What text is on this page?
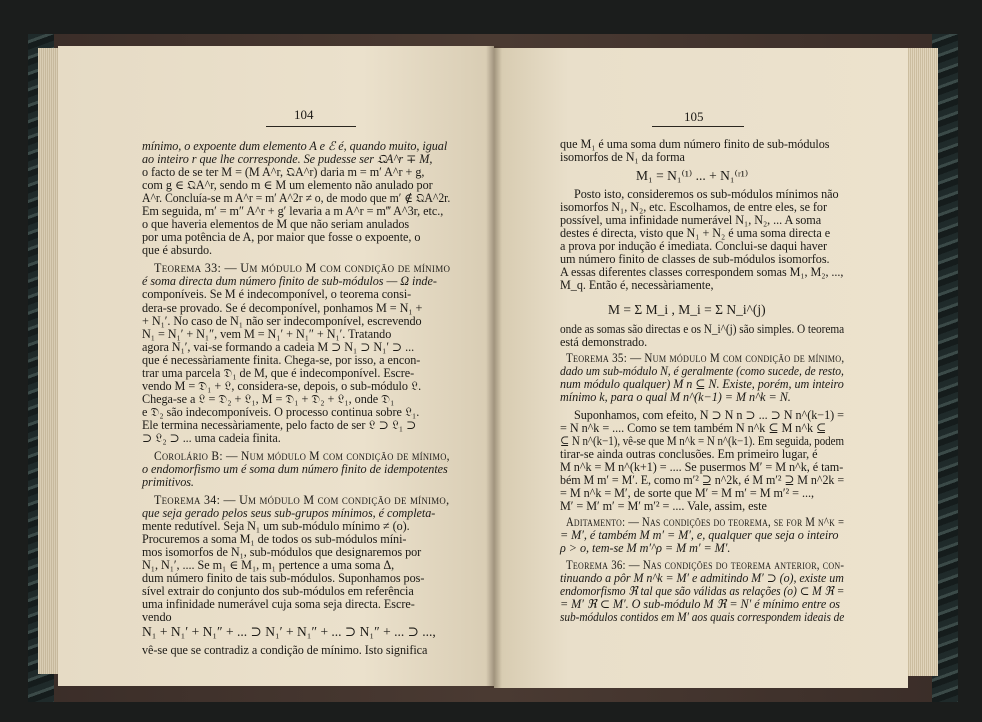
104
mínimo, o expoente dum elemento A e ℰ é, quando muito, igual
ao inteiro r que lhe corresponde. Se pudesse ser 𝔔A^r ∓ M,
o facto de se ter M = (M A^r, 𝔔A^r) daria m = m′ A^r + g,
com g ∈ 𝔔A^r, sendo m ∈ M um elemento não anulado por
A^r. Concluía-se m A^r = m′ A^2r ≠ o, de modo que m′ ∉ 𝔔A^2r.
Em seguida, m′ = m″ A^r + g′ levaria a m A^r = m‴ A^3r, etc.,
o que haveria elementos de M que não seriam anulados
por uma potência de A, por maior que fosse o expoente, o
que é absurdo.
Teorema 33: — Um módulo M com condição de mínimo
é soma directa dum número finito de sub-módulos — Ω inde-
componíveis. Se M é indecomponível, o teorema consi-
dera-se provado. Se é decomponível, ponhamos M = N₁ +
+ N₁′. No caso de N₁ não ser indecomponível, escrevendo
N₁ = N₁′ + N₁″, vem M = N₁′ + N₁″ + N₁′. Tratando
agora N₁′, vai-se formando a cadeia M ⊃ N₁ ⊃ N₁′ ⊃ ...
que é necessàriamente finita. Chega-se, por isso, a encon-
trar uma parcela 𝔇₁ de M, que é indecomponível. Escre-
vendo M = 𝔇₁ + 𝔏, considera-se, depois, o sub-módulo 𝔏.
Chega-se a 𝔏 = 𝔇₂ + 𝔏₁, M = 𝔇₁ + 𝔇₂ + 𝔏₁, onde 𝔇₁
e 𝔇₂ são indecomponíveis. O processo continua sobre 𝔏₁.
Ele termina necessàriamente, pelo facto de ser 𝔏 ⊃ 𝔏₁ ⊃
⊃ 𝔏₂ ⊃ ... uma cadeia finita.
Corolário B: — Num módulo M com condição de mínimo,
o endomorfismo um é soma dum número finito de idempotentes
primitivos.
Teorema 34: — Um módulo M com condição de mínimo,
que seja gerado pelos seus sub-grupos mínimos, é completa-
mente redutível. Seja N₁ um sub-módulo mínimo ≠ (o).
Procuremos a soma M₁ de todos os sub-módulos míni-
mos isomorfos de N₁, sub-módulos que designaremos por
N₁, N₁′, .... Se m₁ ∈ M₁, m₁ pertence a uma soma Δ,
dum número finito de tais sub-módulos. Suponhamos pos-
sível extrair do conjunto dos sub-módulos em referência
uma infinidade numerável cuja soma seja directa. Escre-
vendo
N₁ + N₁′ + N₁″ + ... ⊃ N₁′ + N₁″ + ... ⊃ N₁″ + ... ⊃ ...,
vê-se que se contradiz a condição de mínimo. Isto significa
105
que M₁ é uma soma dum número finito de sub-módulos
isomorfos de N₁ da forma
M₁ = N₁⁽¹⁾ ... + N₁⁽ʳ¹⁾
Posto isto, consideremos os sub-módulos mínimos não
isomorfos N₁, N₂, etc. Escolhamos, de entre eles, se for
possível, uma infinidade numerável N₁, N₂, ... A soma
destes é directa, visto que N₁ + N₂ é uma soma directa e
a prova por indução é imediata. Conclui-se daqui haver
um número finito de classes de sub-módulos isomorfos.
A essas diferentes classes correspondem somas M₁, M₂, ...,
M_q. Então é, necessàriamente,
M = Σ M_i , M_i = Σ N_i^(j)
onde as somas são directas e os N_i^(j) são simples. O teorema
está demonstrado.
Teorema 35: — Num módulo M com condição de mínimo,
dado um sub-módulo N, é geralmente (como sucede, de resto,
num módulo qualquer) M n ⊆ N. Existe, porém, um inteiro
mínimo k, para o qual M n^(k−1) = M n^k = N.
Suponhamos, com efeito, N ⊃ N n ⊃ ... ⊃ N n^(k−1) =
= N n^k = .... Como se tem também N n^k ⊆ M n^k ⊆
⊆ N n^(k−1), vê-se que M n^k = N n^(k−1). Em seguida, podem
tirar-se ainda outras conclusões. Em primeiro lugar, é
M n^k = M n^(k+1) = .... Se pusermos M′ = M n^k, é tam-
bém M m′ = M′. E, como m′² ⊇ n^2k, é M m′² ⊇ M n^2k =
= M n^k = M′, de sorte que M′ = M m′ = M m′² = ...,
M′ = M′ m′ = M′ m′² = .... Vale, assim, este
Aditamento: — Nas condições do teorema, se for M n^k =
= M′, é também M m′ = M′, e, qualquer que seja o inteiro
ρ > o, tem-se M m′^ρ = M m′ = M′.
Teorema 36: — Nas condições do teorema anterior, con-
tinuando a pôr M n^k = M′ e admitindo M′ ⊃ (o), existe um
endomorfismo ℜ tal que são válidas as relações (o) ⊂ M ℜ =
= M′ ℜ ⊂ M′. O sub-módulo M ℜ = N′ é mínimo entre os
sub-módulos contidos em M′ aos quais correspondem ideais de
